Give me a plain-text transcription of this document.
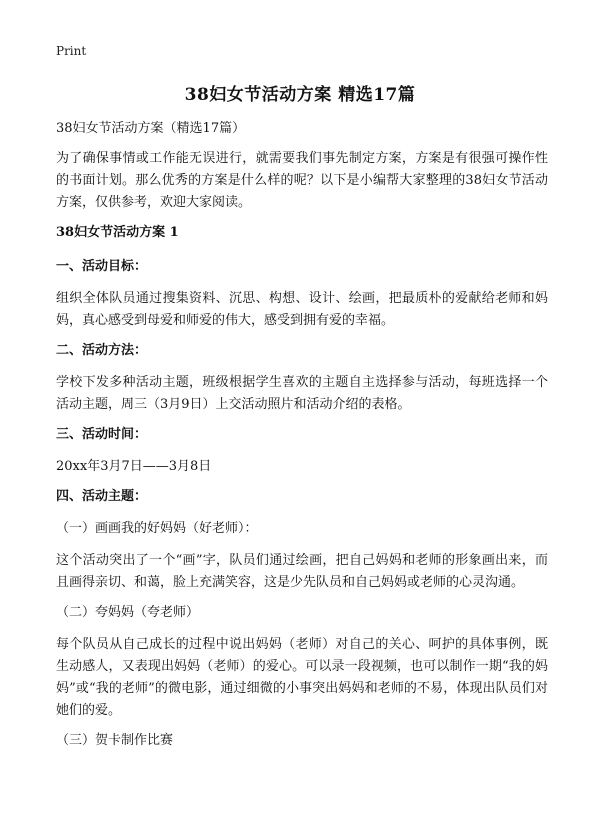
Print
38妇女节活动方案 精选17篇

38妇女节活动方案（精选17篇）

为了确保事情或工作能无误进行，就需要我们事先制定方案，方案是有很强可操作性的书面计划。那么优秀的方案是什么样的呢？以下是小编帮大家整理的38妇女节活动方案，仅供参考，欢迎大家阅读。

38妇女节活动方案 1

一、活动目标：

组织全体队员通过搜集资料、沉思、构想、设计、绘画，把最质朴的爱献给老师和妈妈，真心感受到母爱和师爱的伟大，感受到拥有爱的幸福。

二、活动方法：

学校下发多种活动主题，班级根据学生喜欢的主题自主选择参与活动，每班选择一个活动主题，周三（3月9日）上交活动照片和活动介绍的表格。

三、活动时间：

20xx年3月7日——3月8日

四、活动主题：

（一）画画我的好妈妈（好老师）：

这个活动突出了一个“画”字，队员们通过绘画，把自己妈妈和老师的形象画出来，而且画得亲切、和蔼，脸上充满笑容，这是少先队员和自己妈妈或老师的心灵沟通。

（二）夸妈妈（夸老师）

每个队员从自己成长的过程中说出妈妈（老师）对自己的关心、呵护的具体事例，既生动感人，又表现出妈妈（老师）的爱心。可以录一段视频，也可以制作一期“我的妈妈”或“我的老师”的微电影，通过细微的小事突出妈妈和老师的不易，体现出队员们对她们的爱。

（三）贺卡制作比赛
